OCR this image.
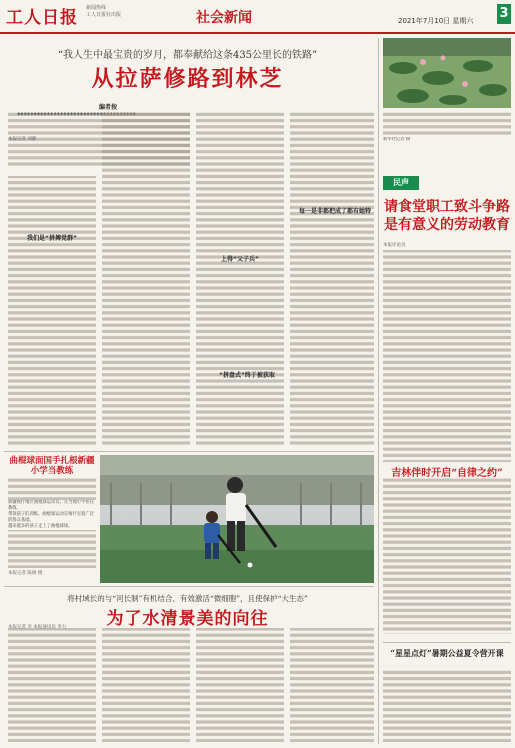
工人日报 新闻热线
工人日报社出版	社会新闻	2021年7月10日 星期六 3
“我人生中最宝贵的岁月，都奉献给这条435公里长的铁路”
从拉萨修路到林芝
编者按
我们是“拼搏党群”
上得“父子兵”
“拼盘式”终于被获取
每一是非都把成了都有她特
本报记者 刘静
曲棍球面国手扎根新疆小学当教练
本报记者 陈俊 摄
将村域长的与“河长制”有机结合、有效激活“微细胞”，且使保护“大生态”
为了水清景美的向往
本报记者 李 本报通讯员 李力
新华社记者 摄
民声
请食堂职工致斗争路是有意义的劳动教育
本报评论员
吉林伴时开启“自律之约”
“星星点灯”暑期公益夏令营开课
新疆喀什地区曲棍球运动员，在当地小学担任教练，
带领孩子们训练。曲棍球运动在喀什有着广泛的群众基础，
越来越多的孩子走上了曲棍球场。
